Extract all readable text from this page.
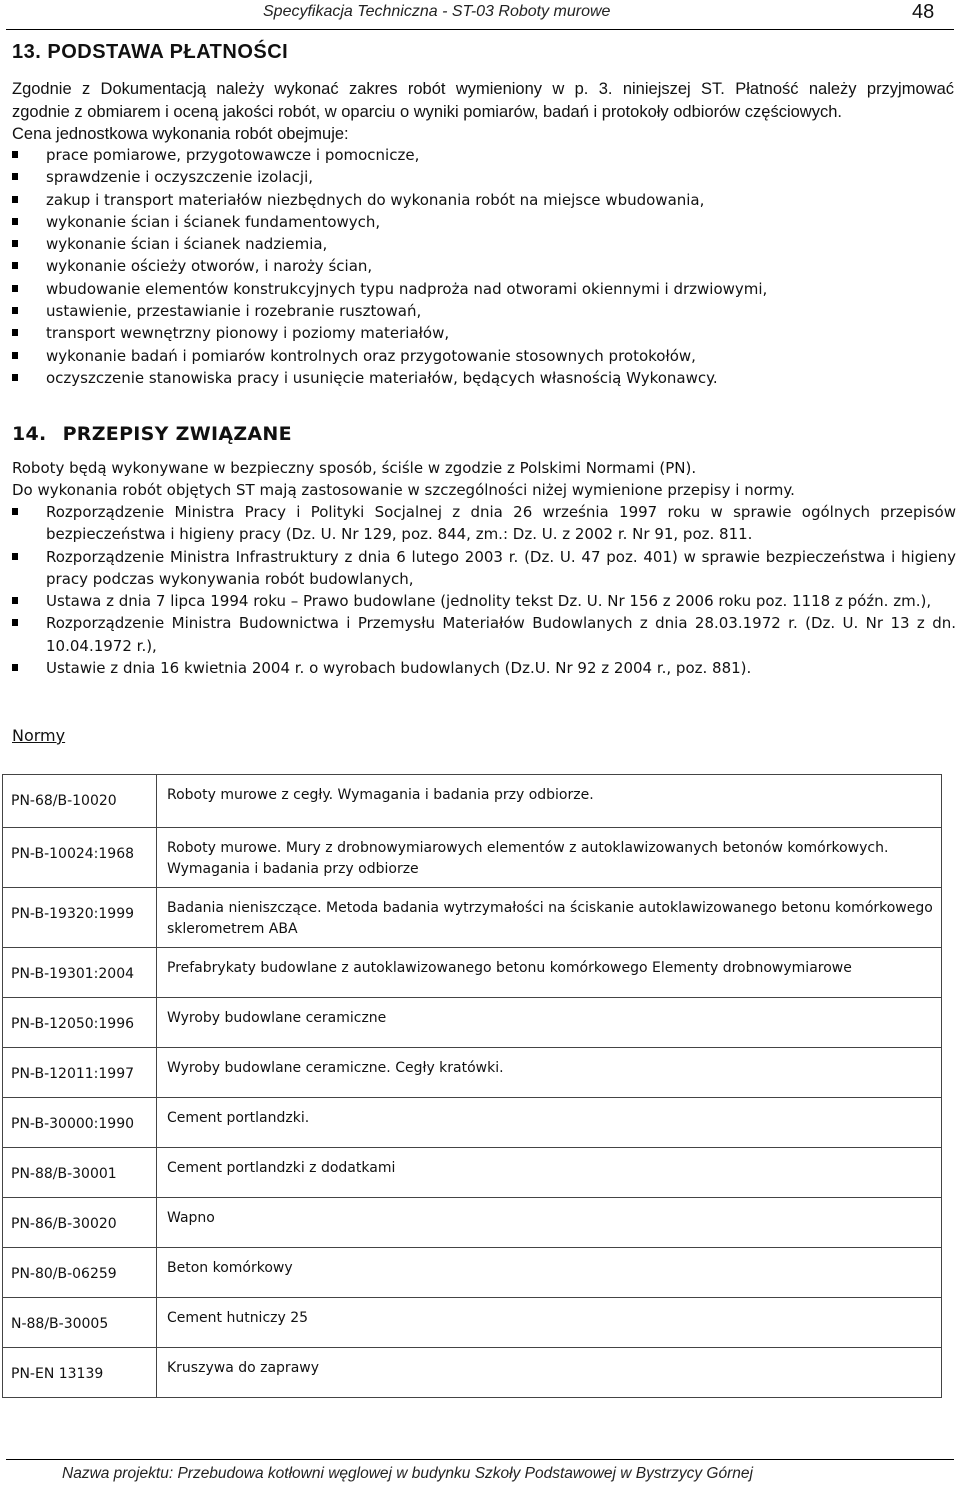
Specyfikacja Techniczna - ST-03 Roboty murowe	48
13. PODSTAWA PŁATNOŚCI
Zgodnie z Dokumentacją należy wykonać zakres robót wymieniony w p. 3. niniejszej ST. Płatność należy przyjmować
zgodnie z obmiarem i oceną jakości robót, w oparciu o wyniki pomiarów, badań i protokoły odbiorów częściowych.
Cena jednostkowa wykonania robót obejmuje:
prace pomiarowe, przygotowawcze i pomocnicze,
sprawdzenie i oczyszczenie izolacji,
zakup i transport materiałów niezbędnych do wykonania robót na miejsce wbudowania,
wykonanie ścian i ścianek fundamentowych,
wykonanie ścian i ścianek nadziemia,
wykonanie ościeży otworów, i naroży ścian,
wbudowanie elementów konstrukcyjnych typu nadproża nad otworami okiennymi i drzwiowymi,
ustawienie, przestawianie i rozebranie rusztowań,
transport wewnętrzny pionowy i poziomy materiałów,
wykonanie badań i pomiarów kontrolnych oraz przygotowanie stosownych protokołów,
oczyszczenie stanowiska pracy i usunięcie materiałów, będących własnością Wykonawcy.
14. PRZEPISY ZWIĄZANE
Roboty będą wykonywane w bezpieczny sposób, ściśle w zgodzie z Polskimi Normami (PN).
Do wykonania robót objętych ST mają zastosowanie w szczególności niżej wymienione przepisy i normy.
Rozporządzenie Ministra Pracy i Polityki Socjalnej z dnia 26 września 1997 roku w sprawie ogólnych przepisów bezpieczeństwa i higieny pracy (Dz. U. Nr 129, poz. 844, zm.: Dz. U. z 2002 r. Nr 91, poz. 811.
Rozporządzenie Ministra Infrastruktury z dnia 6 lutego 2003 r. (Dz. U. 47 poz. 401) w sprawie bezpieczeństwa i higieny pracy podczas wykonywania robót budowlanych,
Ustawa z dnia 7 lipca 1994 roku – Prawo budowlane (jednolity tekst Dz. U. Nr 156 z 2006 roku poz. 1118 z późn. zm.),
Rozporządzenie Ministra Budownictwa i Przemysłu Materiałów Budowlanych z dnia 28.03.1972 r. (Dz. U. Nr 13 z dn. 10.04.1972 r.),
Ustawie z dnia 16 kwietnia 2004 r. o wyrobach budowlanych (Dz.U. Nr 92 z 2004 r., poz. 881).
Normy
PN-68/B-10020	Roboty murowe z cegły. Wymagania i badania przy odbiorze.
PN-B-10024:1968	Roboty murowe. Mury z drobnowymiarowych elementów z autoklawizowanych betonów komórkowych. Wymagania i badania przy odbiorze
PN-B-19320:1999	Badania nieniszczące. Metoda badania wytrzymałości na ściskanie autoklawizowanego betonu komórkowego sklerometrem ABA
PN-B-19301:2004	Prefabrykaty budowlane z autoklawizowanego betonu komórkowego Elementy drobnowymiarowe
PN-B-12050:1996	Wyroby budowlane ceramiczne
PN-B-12011:1997	Wyroby budowlane ceramiczne. Cegły kratówki.
PN-B-30000:1990	Cement portlandzki.
PN-88/B-30001	Cement portlandzki z dodatkami
PN-86/B-30020	Wapno
PN-80/B-06259	Beton komórkowy
N-88/B-30005	Cement hutniczy 25
PN-EN 13139	Kruszywa do zaprawy
Nazwa projektu: Przebudowa kotłowni węglowej w budynku Szkoły Podstawowej w Bystrzycy Górnej
